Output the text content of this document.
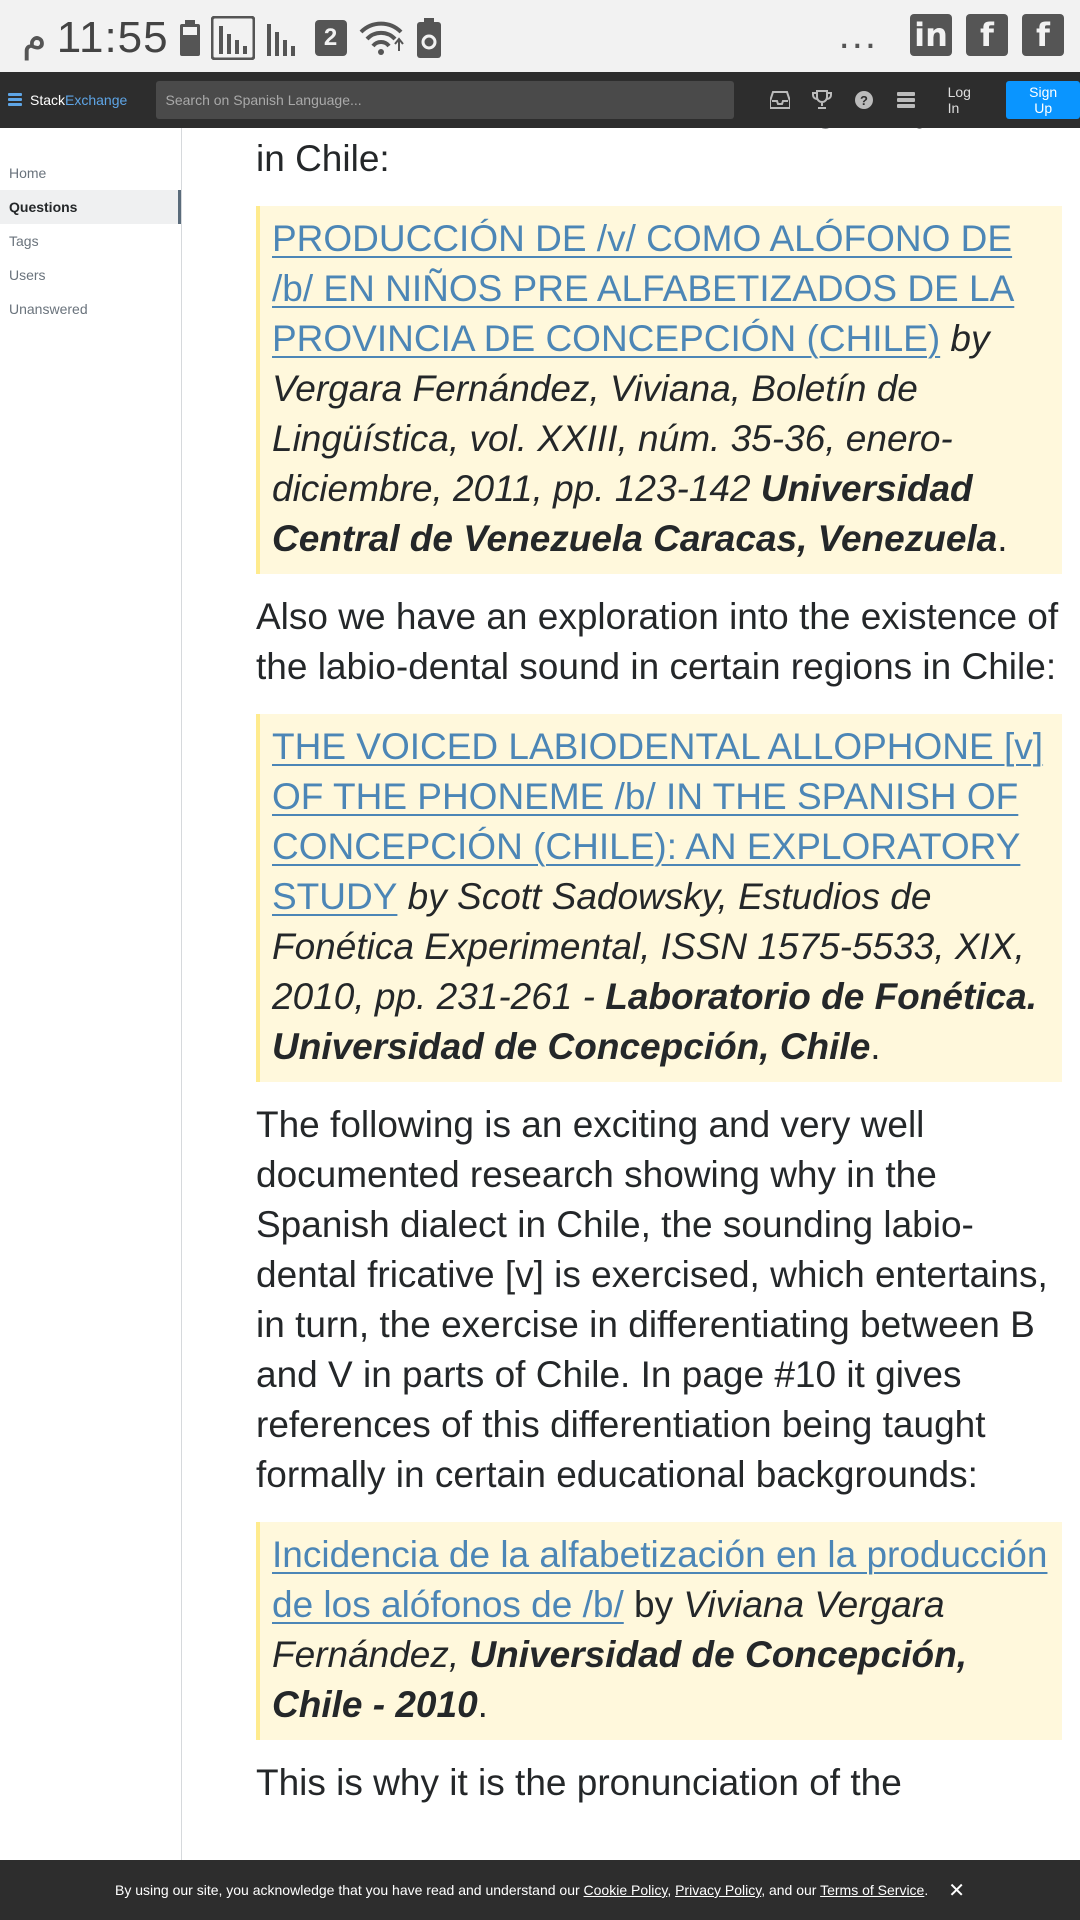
م 11:55	2	... in	f	f
Stack Exchange
Search on Spanish Language...	?
Log In
Sign Up
Home
Questions
Tags
Users
Unanswered

in Chile:

PRODUCCIÓN DE /v/ COMO ALÓFONO DE /b/ EN NIÑOS PRE ALFABETIZADOS DE LA PROVINCIA DE CONCEPCIÓN (CHILE) by Vergara Fernández, Viviana, Boletín de Lingüística, vol. XXIII, núm. 35-36, enero-diciembre, 2011, pp. 123-142 Universidad Central de Venezuela Caracas, Venezuela.

Also we have an exploration into the existence of the labio-dental sound in certain regions in Chile:

THE VOICED LABIODENTAL ALLOPHONE [v] OF THE PHONEME /b/ IN THE SPANISH OF CONCEPCIÓN (CHILE): AN EXPLORATORY STUDY by Scott Sadowsky, Estudios de Fonética Experimental, ISSN 1575-5533, XIX, 2010, pp. 231-261 - Laboratorio de Fonética. Universidad de Concepción, Chile.

The following is an exciting and very well documented research showing why in the Spanish dialect in Chile, the sounding labio-dental fricative [v] is exercised, which entertains, in turn, the exercise in differentiating between B and V in parts of Chile. In page #10 it gives references of this differentiation being taught formally in certain educational backgrounds:

Incidencia de la alfabetización en la producción de los alófonos de /b/ by Viviana Vergara Fernández, Universidad de Concepción, Chile - 2010.

This is why it is the pronunciation of the

By using our site, you acknowledge that you have read and understand our Cookie Policy, Privacy Policy, and our Terms of Service. ✕
